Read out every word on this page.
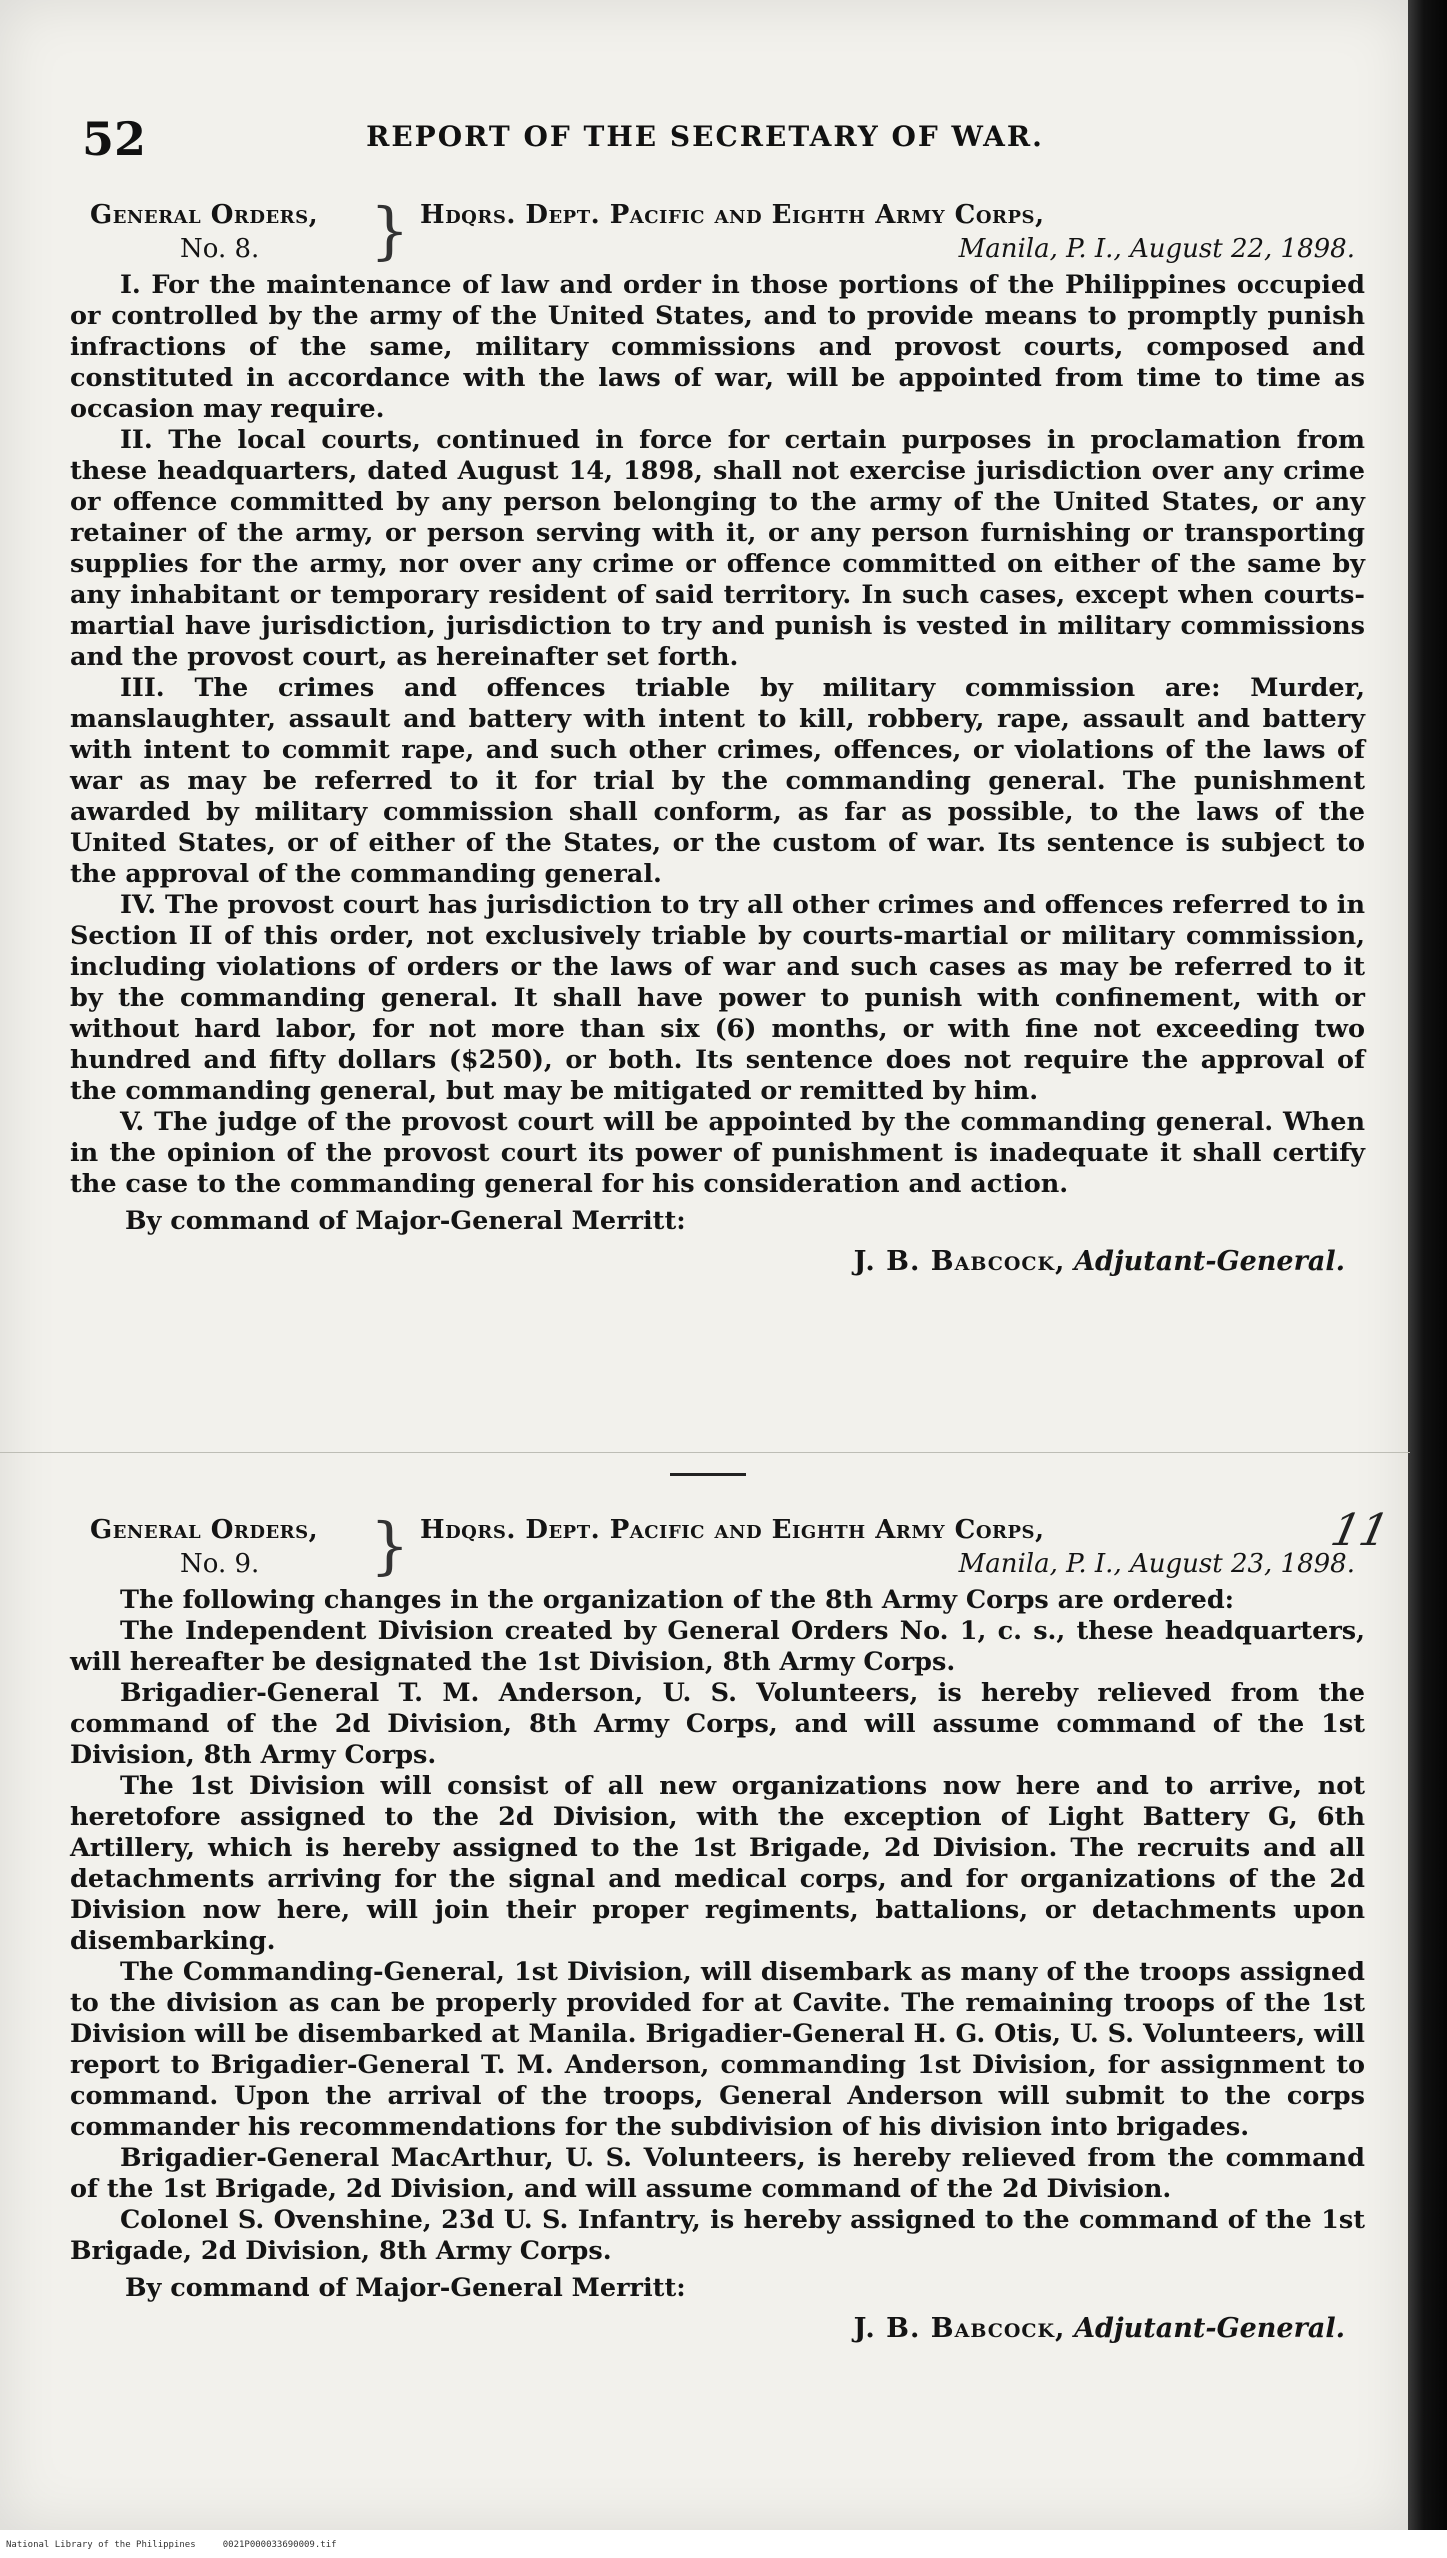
National Library of the Philippines     0021P000033690009.tif
52	REPORT OF THE SECRETARY OF WAR.
General Orders,
No. 8. } Hdqrs. Dept. Pacific and Eighth Army Corps,
Manila, P. I., August 22, 1898.

I. For the maintenance of law and order in those portions of the Philippines occupied or controlled by the army of the United States, and to provide means to promptly punish infractions of the same, military commissions and provost courts, composed and constituted in accordance with the laws of war, will be appointed from time to time as occasion may require.

II. The local courts, continued in force for certain purposes in proclamation from these headquarters, dated August 14, 1898, shall not exercise jurisdiction over any crime or offence committed by any person belonging to the army of the United States, or any retainer of the army, or person serving with it, or any person furnishing or transporting supplies for the army, nor over any crime or offence committed on either of the same by any inhabitant or temporary resident of said territory. In such cases, except when courts-martial have jurisdiction, jurisdiction to try and punish is vested in military commissions and the provost court, as hereinafter set forth.

III. The crimes and offences triable by military commission are: Murder, manslaughter, assault and battery with intent to kill, robbery, rape, assault and battery with intent to commit rape, and such other crimes, offences, or violations of the laws of war as may be referred to it for trial by the commanding general. The punishment awarded by military commission shall conform, as far as possible, to the laws of the United States, or of either of the States, or the custom of war. Its sentence is subject to the approval of the commanding general.

IV. The provost court has jurisdiction to try all other crimes and offences referred to in Section II of this order, not exclusively triable by courts-martial or military commission, including violations of orders or the laws of war and such cases as may be referred to it by the commanding general. It shall have power to punish with confinement, with or without hard labor, for not more than six (6) months, or with fine not exceeding two hundred and fifty dollars ($250), or both. Its sentence does not require the approval of the commanding general, but may be mitigated or remitted by him.

V. The judge of the provost court will be appointed by the commanding general. When in the opinion of the provost court its power of punishment is inadequate it shall certify the case to the commanding general for his consideration and action.

By command of Major-General Merritt:
J. B. Babcock, Adjutant-General.
11
General Orders,
No. 9. } Hdqrs. Dept. Pacific and Eighth Army Corps,
Manila, P. I., August 23, 1898.

The following changes in the organization of the 8th Army Corps are ordered:

The Independent Division created by General Orders No. 1, c. s., these headquarters, will hereafter be designated the 1st Division, 8th Army Corps.

Brigadier-General T. M. Anderson, U. S. Volunteers, is hereby relieved from the command of the 2d Division, 8th Army Corps, and will assume command of the 1st Division, 8th Army Corps.

The 1st Division will consist of all new organizations now here and to arrive, not heretofore assigned to the 2d Division, with the exception of Light Battery G, 6th Artillery, which is hereby assigned to the 1st Brigade, 2d Division. The recruits and all detachments arriving for the signal and medical corps, and for organizations of the 2d Division now here, will join their proper regiments, battalions, or detachments upon disembarking.

The Commanding-General, 1st Division, will disembark as many of the troops assigned to the division as can be properly provided for at Cavite. The remaining troops of the 1st Division will be disembarked at Manila. Brigadier-General H. G. Otis, U. S. Volunteers, will report to Brigadier-General T. M. Anderson, commanding 1st Division, for assignment to command. Upon the arrival of the troops, General Anderson will submit to the corps commander his recommendations for the subdivision of his division into brigades.

Brigadier-General MacArthur, U. S. Volunteers, is hereby relieved from the command of the 1st Brigade, 2d Division, and will assume command of the 2d Division.

Colonel S. Ovenshine, 23d U. S. Infantry, is hereby assigned to the command of the 1st Brigade, 2d Division, 8th Army Corps.

By command of Major-General Merritt:
J. B. Babcock, Adjutant-General.
